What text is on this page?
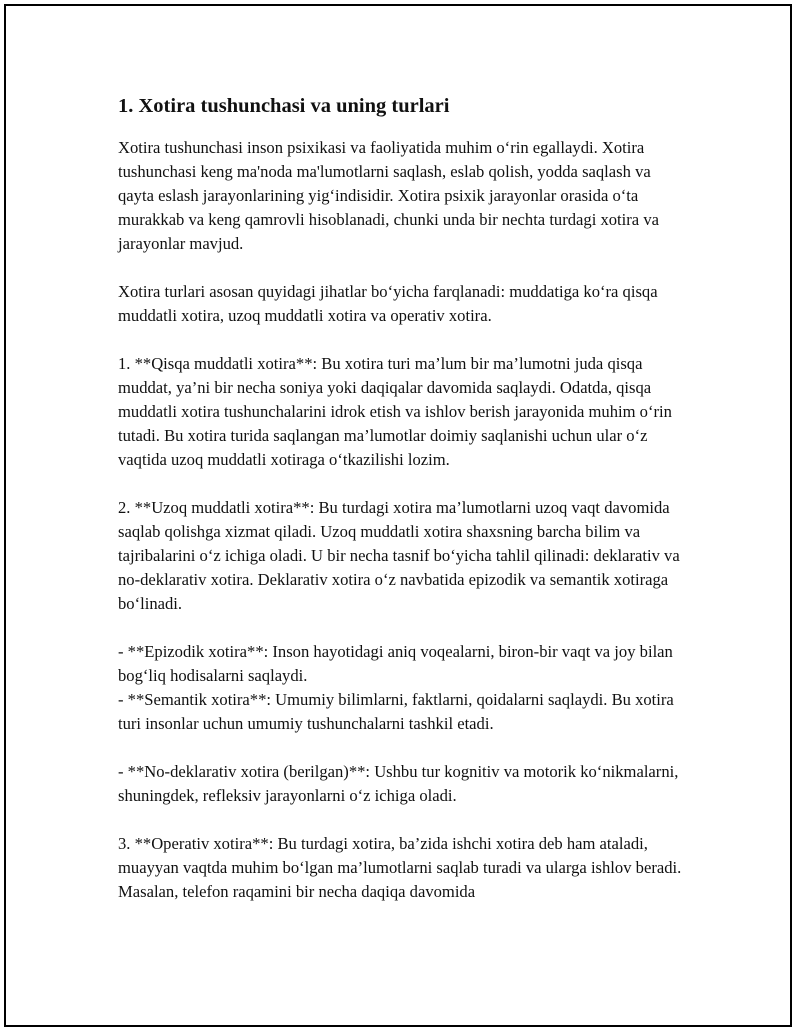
1. Xotira tushunchasi va uning turlari
Xotira tushunchasi inson psixikasi va faoliyatida muhim o‘rin egallaydi. Xotira tushunchasi keng ma'noda ma'lumotlarni saqlash, eslab qolish, yodda saqlash va qayta eslash jarayonlarining yig‘indisidir. Xotira psixik jarayonlar orasida o‘ta murakkab va keng qamrovli hisoblanadi, chunki unda bir nechta turdagi xotira va jarayonlar mavjud.
Xotira turlari asosan quyidagi jihatlar bo‘yicha farqlanadi: muddatiga ko‘ra qisqa muddatli xotira, uzoq muddatli xotira va operativ xotira.
1. **Qisqa muddatli xotira**: Bu xotira turi ma’lum bir ma’lumotni juda qisqa muddat, ya’ni bir necha soniya yoki daqiqalar davomida saqlaydi. Odatda, qisqa muddatli xotira tushunchalarini idrok etish va ishlov berish jarayonida muhim o‘rin tutadi. Bu xotira turida saqlangan ma’lumotlar doimiy saqlanishi uchun ular o‘z vaqtida uzoq muddatli xotiraga o‘tkazilishi lozim.
2. **Uzoq muddatli xotira**: Bu turdagi xotira ma’lumotlarni uzoq vaqt davomida saqlab qolishga xizmat qiladi. Uzoq muddatli xotira shaxsning barcha bilim va tajribalarini o‘z ichiga oladi. U bir necha tasnif bo‘yicha tahlil qilinadi: deklarativ va no-deklarativ xotira. Deklarativ xotira o‘z navbatida epizodik va semantik xotiraga bo‘linadi.
- **Epizodik xotira**: Inson hayotidagi aniq voqealarni, biron-bir vaqt va joy bilan bog‘liq hodisalarni saqlaydi.
- **Semantik xotira**: Umumiy bilimlarni, faktlarni, qoidalarni saqlaydi. Bu xotira turi insonlar uchun umumiy tushunchalarni tashkil etadi.
- **No-deklarativ xotira (berilgan)**: Ushbu tur kognitiv va motorik ko‘nikmalarni, shuningdek, refleksiv jarayonlarni o‘z ichiga oladi.
3. **Operativ xotira**: Bu turdagi xotira, ba’zida ishchi xotira deb ham ataladi, muayyan vaqtda muhim bo‘lgan ma’lumotlarni saqlab turadi va ularga ishlov beradi. Masalan, telefon raqamini bir necha daqiqa davomida
